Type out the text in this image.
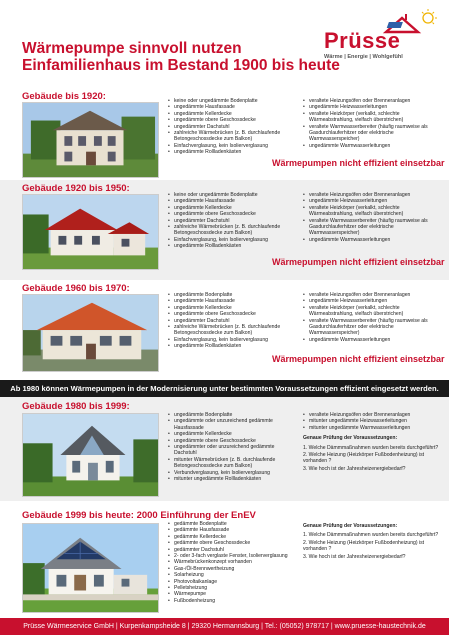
Wärmepumpe sinnvoll nutzen
Einfamilienhaus im Bestand 1900 bis heute
Prüsse
Wärme | Energie | Wohlgefühl
Gebäude bis 1920:
•	keine oder ungedämmte Bodenplatte
• ungedämmte Hausfassade
• ungedämmte Kellerdecke
• ungedämmte obere Geschossdecke
• ungedämmter Dachstuhl
• zahlreiche Wärmebrücken (z. B. durchlaufende Betongeschossdecke zum Balkon)
• Einfachverglasung, kein Isolierverglasung
• ungedämmte Rollladenkästen
• veraltete Heizungsöfen oder Brenneranlagen
• ungedämmte Heizwasserleitungen
• veraltete Heizkörper (verkalkt, schlechte Wärmeabstrahlung, vielfach überstrichen)
• veraltete Warmwasserbereiter (häufig raumweise als Gasdurchlauferhitzer oder elektrische Warmwasserspeicher)
• ungedämmte Warmwasserleitungen
Wärmepumpen nicht effizient einsetzbar
Gebäude 1920 bis 1950:
• keine oder ungedämmte Bodenplatte
• ungedämmte Hausfassade
• ungedämmte Kellerdecke
• ungedämmte obere Geschossdecke
• ungedämmter Dachstuhl
• zahlreiche Wärmebrücken (z. B. durchlaufende Betongeschossdecke zum Balkon)
• Einfachverglasung, kein Isolierverglasung
• ungedämmte Rollladenkästen
• veraltete Heizungsöfen oder Brenneranlagen
• ungedämmte Heizwasserleitungen
• veraltete Heizkörper (verkalkt, schlechte Wärmeabstrahlung, vielfach überstrichen)
• veraltete Warmwasserbereiter (häufig raumweise als Gasdurchlauferhitzer oder elektrische Warmwasserspeicher)
• ungedämmte Warmwasserleitungen
Wärmepumpen nicht effizient einsetzbar
Gebäude 1960 bis 1970:
• ungedämmte Bodenplatte
• ungedämmte Hausfassade
• ungedämmte Kellerdecke
• ungedämmte obere Geschossdecke
• ungedämmter Dachstuhl
• zahlreiche Wärmebrücken (z. B. durchlaufende Betongeschossdecke zum Balkon)
• Einfachverglasung, kein Isolierverglasung
• ungedämmte Rollladenkästen
• veraltete Heizungsöfen oder Brenneranlagen
• ungedämmte Heizwasserleitungen
• veraltete Heizkörper (verkalkt, schlechte Wärmeabstrahlung, vielfach überstrichen)
• veraltete Warmwasserbereiter (häufig raumweise als Gasdurchlauferhitzer oder elektrische Warmwasserspeicher)
• ungedämmte Warmwasserleitungen
Wärmepumpen nicht effizient einsetzbar
Ab 1980 können Wärmepumpen in der Modernisierung unter bestimmten Voraussetzungen effizient eingesetzt werden.
Gebäude 1980 bis 1999:
• ungedämmte Bodenplatte
• ungedämmte oder unzureichend gedämmte Hausfassade
• ungedämmte Kellerdecke
• ungedämmte obere Geschossdecke
• ungedämmter oder unzureichend gedämmte Dachstuhl
• mitunter Wärmebrücken (z. B. durchlaufende Betongeschossdecke zum Balkon)
• Verbundverglasung, kein Isolierverglasung
• mitunter ungedämmte Rollladenkästen
• veraltete Heizungsöfen oder Brenneranlagen
• mitunter ungedämmte Heizwasserleitungen
• mitunter ungedämmte Warmwasserleitungen
Genaue Prüfung der Voraussetzungen:
1. Welche Dämmmaßnahmen wurden bereits durchgeführt?
2. Welche Heizung (Heizkörper Fußbodenheizung) ist vorhanden ?
3. Wie hoch ist der Jahresheizenergiebedarf?
Gebäude 1999 bis heute: 2000 Einführung der EnEV
• gedämmte Bodenplatte
• gedämmte Hausfassade
• gedämmte Kellerdecke
• gedämmte obere Geschossdecke
• gedämmter Dachstuhl
• 2- oder 3-fach verglaste Fenster, Isolierverglasung
• Wärmebrückenkonzept vorhanden
• Gas-/Öl-Brennwertheizung
• Solarheizung
• Photovoltaikanlage
• Pelletsheizung
• Wärmepumpe
• Fußbodenheizung
Genaue Prüfung der Voraussetzungen:
1. Welche Dämmmaßnahmen wurden bereits durchgeführt?
2. Welche Heizung (Heizkörper Fußbodenheizung) ist vorhanden ?
3. Wie hoch ist der Jahresheizenergiebedarf?
Prüsse Wärmeservice GmbH | Kurpenkampsheide 8 | 29320 Hermannsburg | Tel.: (05052) 978717 | www.pruesse-haustechnik.de
